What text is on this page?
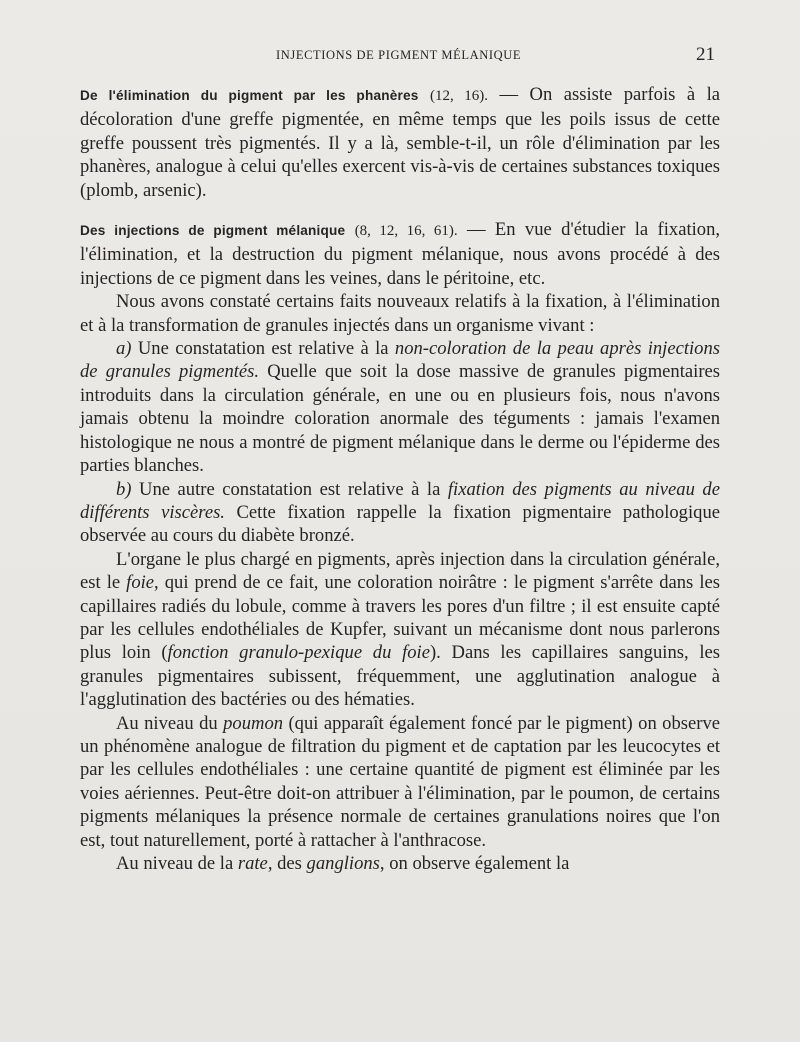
INJECTIONS DE PIGMENT MÉLANIQUE	21

De l'élimination du pigment par les phanères (12, 16). — On assiste parfois à la décoloration d'une greffe pigmentée, en même temps que les poils issus de cette greffe poussent très pigmentés. Il y a là, semble-t-il, un rôle d'élimination par les phanères, analogue à celui qu'elles exercent vis-à-vis de certaines substances toxiques (plomb, arsenic).

Des injections de pigment mélanique (8, 12, 16, 61). — En vue d'étudier la fixation, l'élimination, et la destruction du pigment mélanique, nous avons procédé à des injections de ce pigment dans les veines, dans le péritoine, etc.

Nous avons constaté certains faits nouveaux relatifs à la fixation, à l'élimination et à la transformation de granules injectés dans un organisme vivant :

a) Une constatation est relative à la non-coloration de la peau après injections de granules pigmentés. Quelle que soit la dose massive de granules pigmentaires introduits dans la circulation générale, en une ou en plusieurs fois, nous n'avons jamais obtenu la moindre coloration anormale des téguments : jamais l'examen histologique ne nous a montré de pigment mélanique dans le derme ou l'épiderme des parties blanches.

b) Une autre constatation est relative à la fixation des pigments au niveau de différents viscères. Cette fixation rappelle la fixation pigmentaire pathologique observée au cours du diabète bronzé.

L'organe le plus chargé en pigments, après injection dans la circulation générale, est le foie, qui prend de ce fait, une coloration noirâtre : le pigment s'arrête dans les capillaires radiés du lobule, comme à travers les pores d'un filtre ; il est ensuite capté par les cellules endothéliales de Kupfer, suivant un mécanisme dont nous parlerons plus loin (fonction granulo-pexique du foie). Dans les capillaires sanguins, les granules pigmentaires subissent, fréquemment, une agglutination analogue à l'agglutination des bactéries ou des hématies.

Au niveau du poumon (qui apparaît également foncé par le pigment) on observe un phénomène analogue de filtration du pigment et de captation par les leucocytes et par les cellules endothéliales : une certaine quantité de pigment est éliminée par les voies aériennes. Peut-être doit-on attribuer à l'élimination, par le poumon, de certains pigments mélaniques la présence normale de certaines granulations noires que l'on est, tout naturellement, porté à rattacher à l'anthracose.

Au niveau de la rate, des ganglions, on observe également la
